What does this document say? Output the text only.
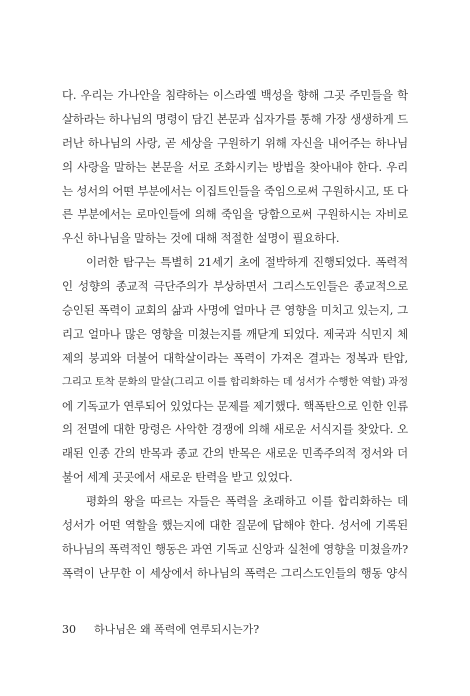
다. 우리는 가나안을 침략하는 이스라엘 백성을 향해 그곳 주민들을 학
살하라는 하나님의 명령이 담긴 본문과 십자가를 통해 가장 생생하게 드
러난 하나님의 사랑, 곧 세상을 구원하기 위해 자신을 내어주는 하나님
의 사랑을 말하는 본문을 서로 조화시키는 방법을 찾아내야 한다. 우리
는 성서의 어떤 부분에서는 이집트인들을 죽임으로써 구원하시고, 또 다
른 부분에서는 로마인들에 의해 죽임을 당함으로써 구원하시는 자비로
우신 하나님을 말하는 것에 대해 적절한 설명이 필요하다.
이러한 탐구는 특별히 21세기 초에 절박하게 진행되었다. 폭력적
인 성향의 종교적 극단주의가 부상하면서 그리스도인들은 종교적으로
승인된 폭력이 교회의 삶과 사명에 얼마나 큰 영향을 미치고 있는지, 그
리고 얼마나 많은 영향을 미쳤는지를 깨닫게 되었다. 제국과 식민지 체
제의 붕괴와 더불어 대학살이라는 폭력이 가져온 결과는 정복과 탄압,
그리고 토착 문화의 말살(그리고 이를 합리화하는 데 성서가 수행한 역할) 과정
에 기독교가 연루되어 있었다는 문제를 제기했다. 핵폭탄으로 인한 인류
의 전멸에 대한 망령은 사악한 경쟁에 의해 새로운 서식지를 찾았다. 오
래된 인종 간의 반목과 종교 간의 반목은 새로운 민족주의적 정서와 더
불어 세계 곳곳에서 새로운 탄력을 받고 있었다.
평화의 왕을 따르는 자들은 폭력을 초래하고 이를 합리화하는 데
성서가 어떤 역할을 했는지에 대한 질문에 답해야 한다. 성서에 기록된
하나님의 폭력적인 행동은 과연 기독교 신앙과 실천에 영향을 미쳤을까?
폭력이 난무한 이 세상에서 하나님의 폭력은 그리스도인들의 행동 양식
30 하나님은 왜 폭력에 연루되시는가?
